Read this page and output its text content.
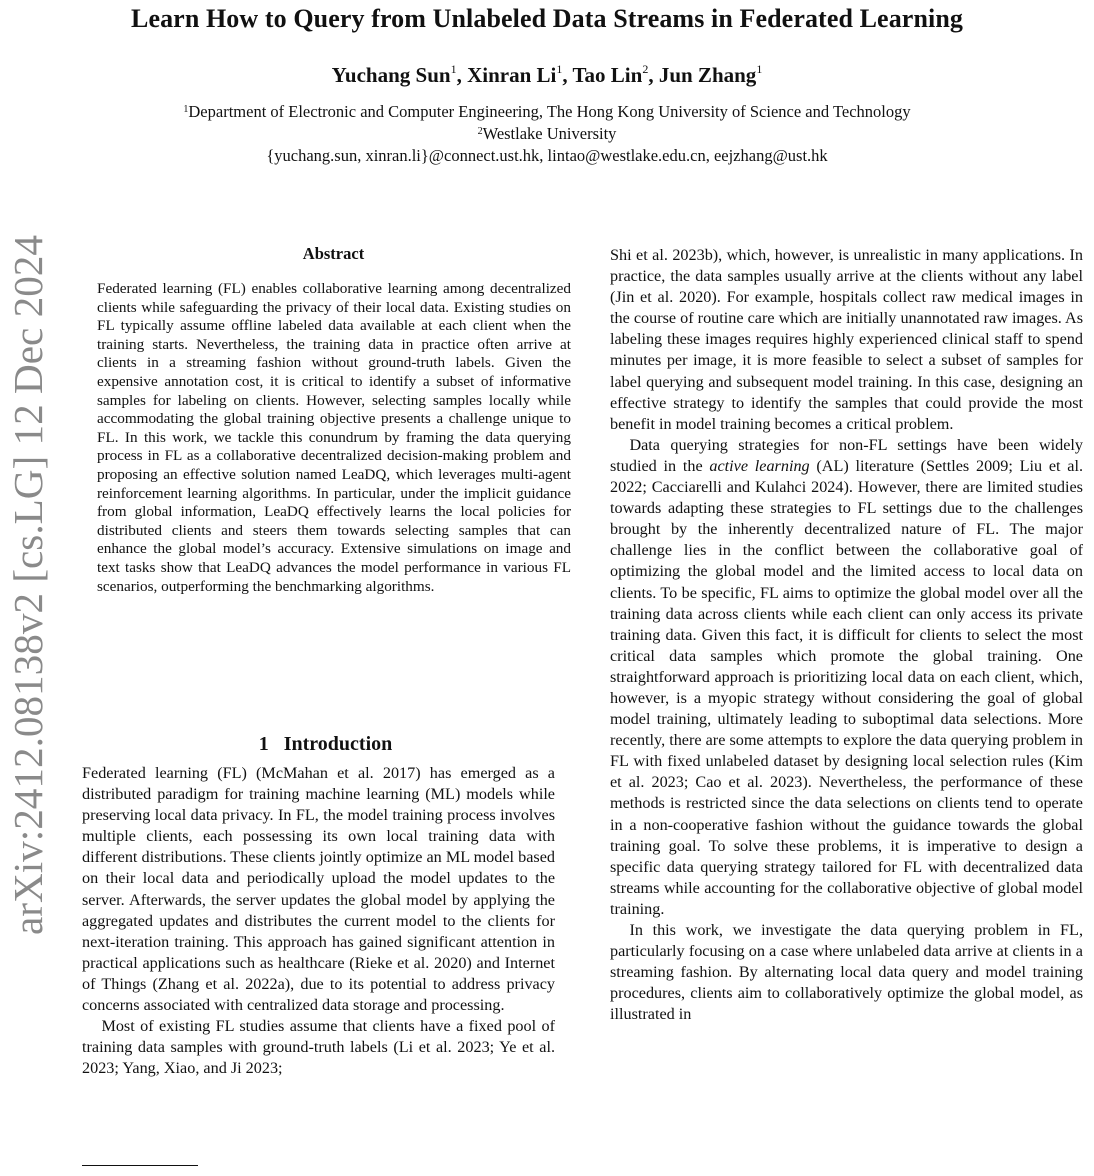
Learn How to Query from Unlabeled Data Streams in Federated Learning
Yuchang Sun$^1$, Xinran Li$^1$, Tao Lin$^2$, Jun Zhang$^1$
$^1$Department of Electronic and Computer Engineering, The Hong Kong University of Science and Technology
$^2$Westlake University
{yuchang.sun, xinran.li}@connect.ust.hk, lintao@westlake.edu.cn, eejzhang@ust.hk
arXiv:2412.08138v2 [cs.LG] 12 Dec 2024	Abstract

Federated learning (FL) enables collaborative learning among decentralized clients while safeguarding the privacy of their local data. Existing studies on FL typically assume offline labeled data available at each client when the training starts. Nevertheless, the training data in practice often arrive at clients in a streaming fashion without ground-truth labels. Given the expensive annotation cost, it is critical to identify a subset of informative samples for labeling on clients. However, selecting samples locally while accommodating the global training objective presents a challenge unique to FL. In this work, we tackle this conundrum by framing the data querying process in FL as a collaborative decentralized decision-making problem and proposing an effective solution named LeaDQ, which leverages multi-agent reinforcement learning algorithms. In particular, under the implicit guidance from global information, LeaDQ effectively learns the local policies for distributed clients and steers them towards selecting samples that can enhance the global model’s accuracy. Extensive simulations on image and text tasks show that LeaDQ advances the model performance in various FL scenarios, outperforming the benchmarking algorithms.

1 Introduction

Federated learning (FL) (McMahan et al. 2017) has emerged as a distributed paradigm for training machine learning (ML) models while preserving local data privacy. In FL, the model training process involves multiple clients, each possessing its own local training data with different distributions. These clients jointly optimize an ML model based on their local data and periodically upload the model updates to the server. Afterwards, the server updates the global model by applying the aggregated updates and distributes the current model to the clients for next-iteration training. This approach has gained significant attention in practical applications such as healthcare (Rieke et al. 2020) and Internet of Things (Zhang et al. 2022a), due to its potential to address privacy concerns associated with centralized data storage and processing.

Most of existing FL studies assume that clients have a fixed pool of training data samples with ground-truth labels (Li et al. 2023; Ye et al. 2023; Yang, Xiao, and Ji 2023;

Shi et al. 2023b), which, however, is unrealistic in many applications. In practice, the data samples usually arrive at the clients without any label (Jin et al. 2020). For example, hospitals collect raw medical images in the course of routine care which are initially unannotated raw images. As labeling these images requires highly experienced clinical staff to spend minutes per image, it is more feasible to select a subset of samples for label querying and subsequent model training. In this case, designing an effective strategy to identify the samples that could provide the most benefit in model training becomes a critical problem.

Data querying strategies for non-FL settings have been widely studied in the active learning (AL) literature (Settles 2009; Liu et al. 2022; Cacciarelli and Kulahci 2024). However, there are limited studies towards adapting these strategies to FL settings due to the challenges brought by the inherently decentralized nature of FL. The major challenge lies in the conflict between the collaborative goal of optimizing the global model and the limited access to local data on clients. To be specific, FL aims to optimize the global model over all the training data across clients while each client can only access its private training data. Given this fact, it is difficult for clients to select the most critical data samples which promote the global training. One straightforward approach is prioritizing local data on each client, which, however, is a myopic strategy without considering the goal of global model training, ultimately leading to suboptimal data selections. More recently, there are some attempts to explore the data querying problem in FL with fixed unlabeled dataset by designing local selection rules (Kim et al. 2023; Cao et al. 2023). Nevertheless, the performance of these methods is restricted since the data selections on clients tend to operate in a non-cooperative fashion without the guidance towards the global training goal. To solve these problems, it is imperative to design a specific data querying strategy tailored for FL with decentralized data streams while accounting for the collaborative objective of global model training.

In this work, we investigate the data querying problem in FL, particularly focusing on a case where unlabeled data arrive at clients in a streaming fashion. By alternating local data query and model training procedures, clients aim to collaboratively optimize the global model, as illustrated in
